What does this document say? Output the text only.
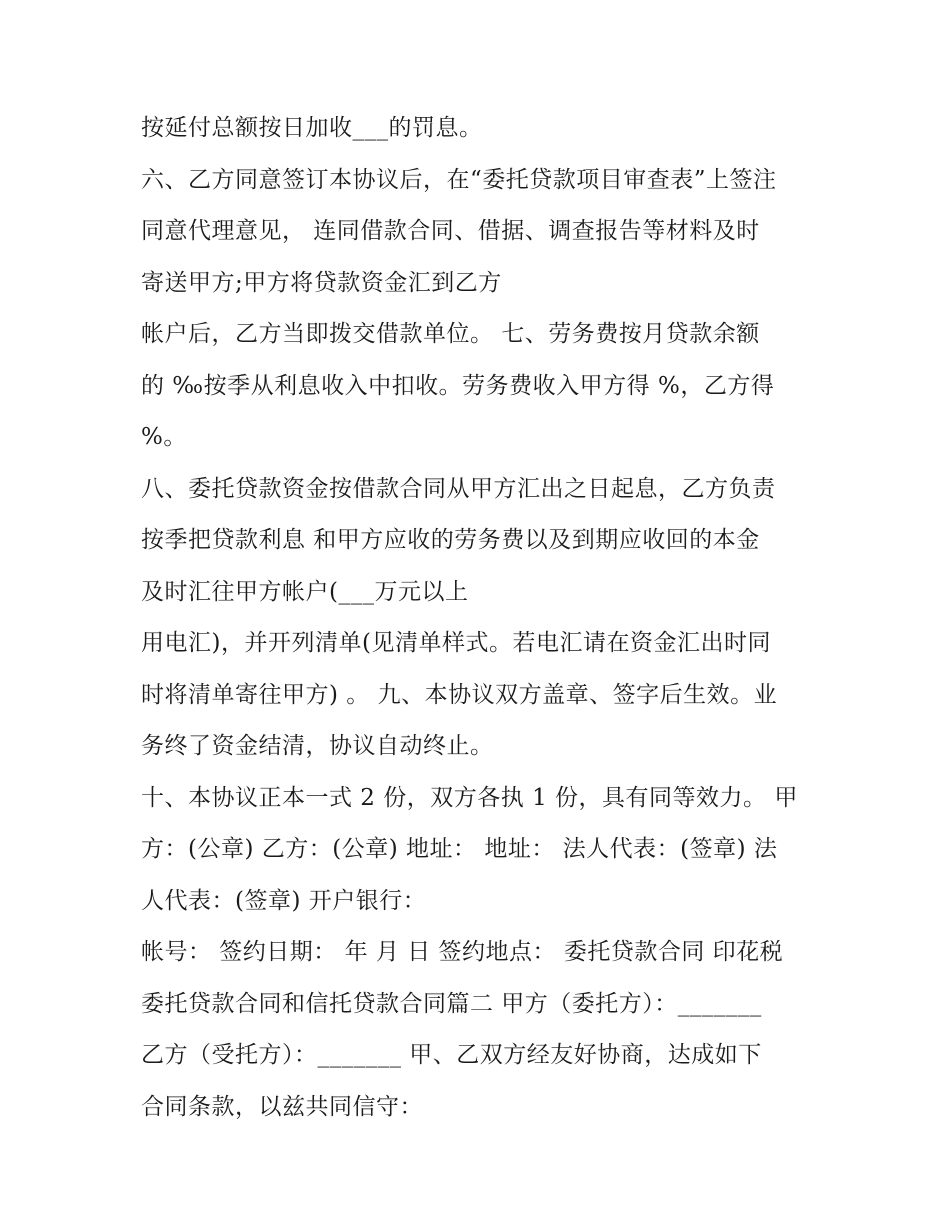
按延付总额按日加收___的罚息。
六、乙方同意签订本协议后，在“委托贷款项目审查表”上签注
同意代理意见， 连同借款合同、借据、调查报告等材料及时
寄送甲方;甲方将贷款资金汇到乙方
帐户后，乙方当即拨交借款单位。 七、劳务费按月贷款余额
的 ‰按季从利息收入中扣收。劳务费收入甲方得 %，乙方得
%。
八、委托贷款资金按借款合同从甲方汇出之日起息，乙方负责
按季把贷款利息 和甲方应收的劳务费以及到期应收回的本金
及时汇往甲方帐户(___万元以上
用电汇)，并开列清单(见清单样式。若电汇请在资金汇出时同
时将清单寄往甲方) 。 九、本协议双方盖章、签字后生效。业
务终了资金结清，协议自动终止。
十、本协议正本一式 2 份，双方各执 1 份，具有同等效力。 甲
方：(公章) 乙方：(公章) 地址： 地址： 法人代表：(签章) 法
人代表：(签章) 开户银行：
帐号： 签约日期： 年 月 日 签约地点： 委托贷款合同 印花税
委托贷款合同和信托贷款合同篇二 甲方（委托方）：_______
乙方（受托方）：_______ 甲、乙双方经友好协商，达成如下
合同条款，以兹共同信守：
